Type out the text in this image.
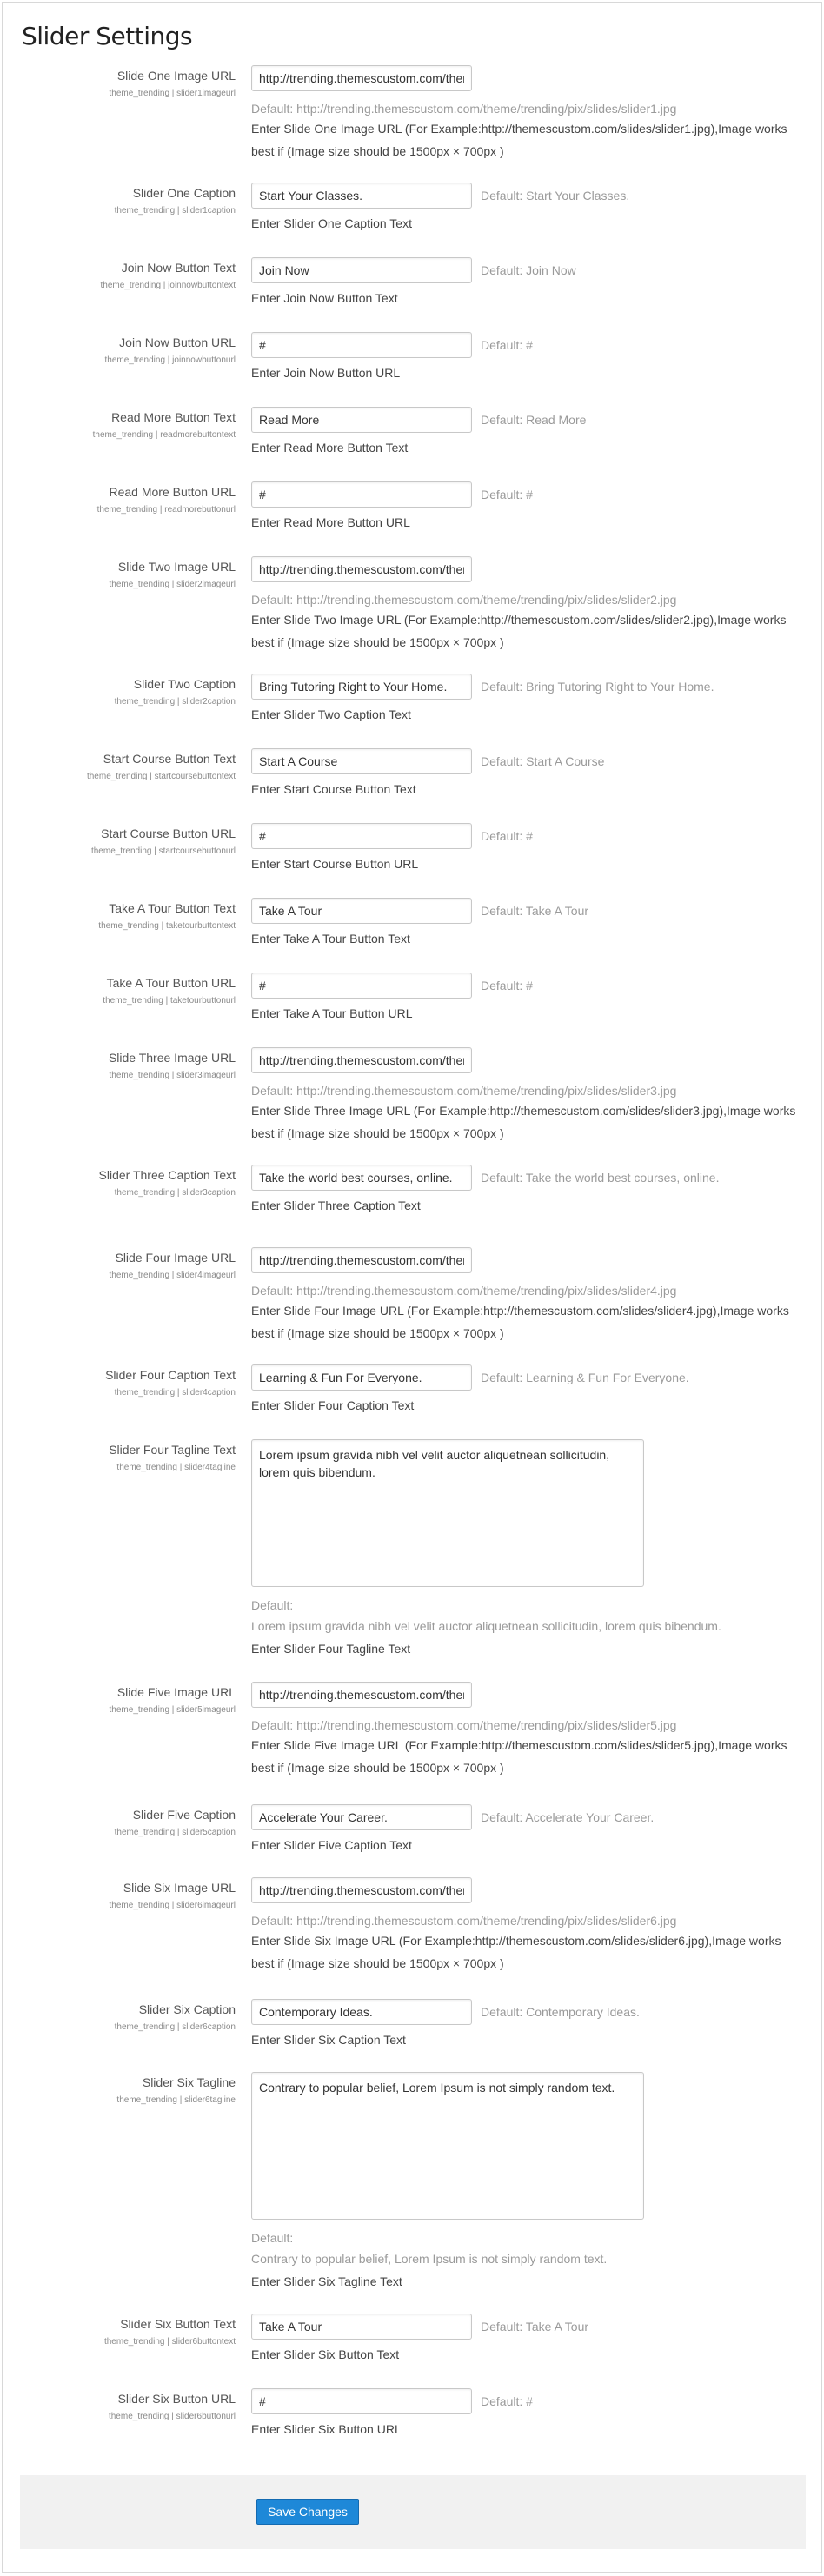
Slider Settings
Slide One Image URL
theme_trending | slider1imageurl
http://trending.themescustom.com/theme/trending/pix/slides/slider1.jpg
Default: http://trending.themescustom.com/theme/trending/pix/slides/slider1.jpg
Enter Slide One Image URL (For Example:http://themescustom.com/slides/slider1.jpg),Image works
best if (Image size should be 1500px × 700px )
Slider One Caption
theme_trending | slider1caption
Start Your Classes.
Default: Start Your Classes.
Enter Slider One Caption Text
Join Now Button Text
theme_trending | joinnowbuttontext
Join Now
Default: Join Now
Enter Join Now Button Text
Join Now Button URL
theme_trending | joinnowbuttonurl
#
Default: #
Enter Join Now Button URL
Read More Button Text
theme_trending | readmorebuttontext
Read More
Default: Read More
Enter Read More Button Text
Read More Button URL
theme_trending | readmorebuttonurl
#
Default: #
Enter Read More Button URL
Slide Two Image URL
theme_trending | slider2imageurl
http://trending.themescustom.com/theme/trending/pix/slides/slider2.jpg
Default: http://trending.themescustom.com/theme/trending/pix/slides/slider2.jpg
Enter Slide Two Image URL (For Example:http://themescustom.com/slides/slider2.jpg),Image works
best if (Image size should be 1500px × 700px )
Slider Two Caption
theme_trending | slider2caption
Bring Tutoring Right to Your Home.
Default: Bring Tutoring Right to Your Home.
Enter Slider Two Caption Text
Start Course Button Text
theme_trending | startcoursebuttontext
Start A Course
Default: Start A Course
Enter Start Course Button Text
Start Course Button URL
theme_trending | startcoursebuttonurl
#
Default: #
Enter Start Course Button URL
Take A Tour Button Text
theme_trending | taketourbuttontext
Take A Tour
Default: Take A Tour
Enter Take A Tour Button Text
Take A Tour Button URL
theme_trending | taketourbuttonurl
#
Default: #
Enter Take A Tour Button URL
Slide Three Image URL
theme_trending | slider3imageurl
http://trending.themescustom.com/theme/trending/pix/slides/slider3.jpg
Default: http://trending.themescustom.com/theme/trending/pix/slides/slider3.jpg
Enter Slide Three Image URL (For Example:http://themescustom.com/slides/slider3.jpg),Image works
best if (Image size should be 1500px × 700px )
Slider Three Caption Text
theme_trending | slider3caption
Take the world best courses, online.
Default: Take the world best courses, online.
Enter Slider Three Caption Text
Slide Four Image URL
theme_trending | slider4imageurl
http://trending.themescustom.com/theme/trending/pix/slides/slider4.jpg
Default: http://trending.themescustom.com/theme/trending/pix/slides/slider4.jpg
Enter Slide Four Image URL (For Example:http://themescustom.com/slides/slider4.jpg),Image works
best if (Image size should be 1500px × 700px )
Slider Four Caption Text
theme_trending | slider4caption
Learning & Fun For Everyone.
Default: Learning & Fun For Everyone.
Enter Slider Four Caption Text
Slider Four Tagline Text
theme_trending | slider4tagline
Lorem ipsum gravida nibh vel velit auctor aliquetnean sollicitudin, lorem quis bibendum.
Default:
Lorem ipsum gravida nibh vel velit auctor aliquetnean sollicitudin, lorem quis bibendum.
Enter Slider Four Tagline Text
Slide Five Image URL
theme_trending | slider5imageurl
http://trending.themescustom.com/theme/trending/pix/slides/slider5.jpg
Default: http://trending.themescustom.com/theme/trending/pix/slides/slider5.jpg
Enter Slide Five Image URL (For Example:http://themescustom.com/slides/slider5.jpg),Image works
best if (Image size should be 1500px × 700px )
Slider Five Caption
theme_trending | slider5caption
Accelerate Your Career.
Default: Accelerate Your Career.
Enter Slider Five Caption Text
Slide Six Image URL
theme_trending | slider6imageurl
http://trending.themescustom.com/theme/trending/pix/slides/slider6.jpg
Default: http://trending.themescustom.com/theme/trending/pix/slides/slider6.jpg
Enter Slide Six Image URL (For Example:http://themescustom.com/slides/slider6.jpg),Image works
best if (Image size should be 1500px × 700px )
Slider Six Caption
theme_trending | slider6caption
Contemporary Ideas.
Default: Contemporary Ideas.
Enter Slider Six Caption Text
Slider Six Tagline
theme_trending | slider6tagline
Contrary to popular belief, Lorem Ipsum is not simply random text.
Default:
Contrary to popular belief, Lorem Ipsum is not simply random text.
Enter Slider Six Tagline Text
Slider Six Button Text
theme_trending | slider6buttontext
Take A Tour
Default: Take A Tour
Enter Slider Six Button Text
Slider Six Button URL
theme_trending | slider6buttonurl
#
Default: #
Enter Slider Six Button URL
Save Changes
